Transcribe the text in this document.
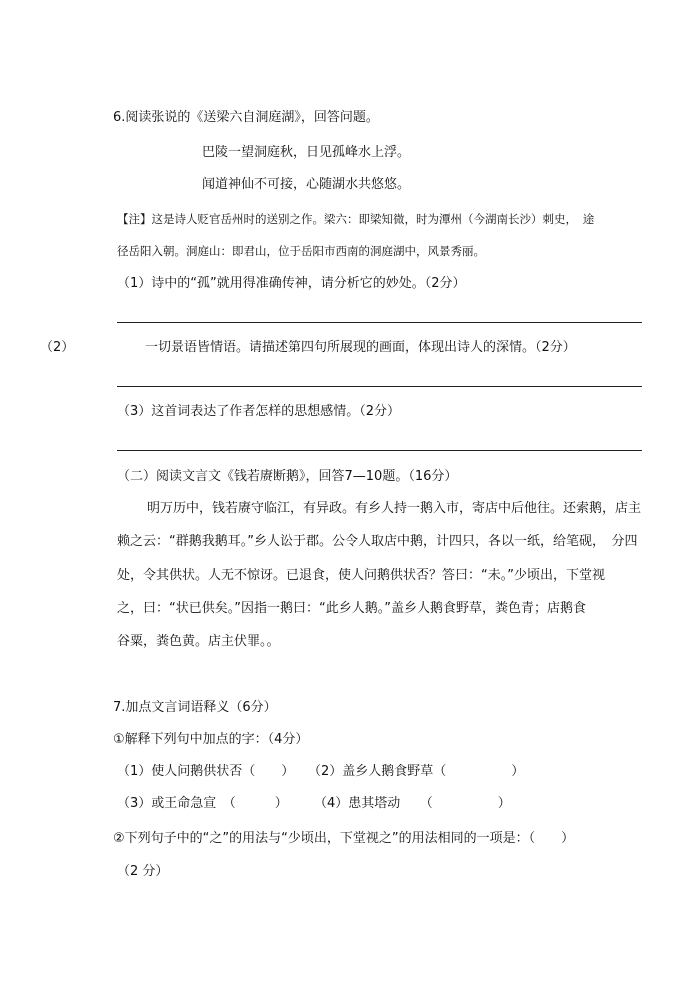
6.阅读张说的《送梁六自洞庭湖》，回答问题。
巴陵一望洞庭秋，日见孤峰水上浮。
闻道神仙不可接，心随湖水共悠悠。
【注】这是诗人贬官岳州时的送别之作。梁六：即梁知微，时为潭州（今湖南长沙）刺史，　途
径岳阳入朝。洞庭山：即君山，位于岳阳市西南的洞庭湖中，风景秀丽。
（1）诗中的“孤”就用得准确传神，请分析它的妙处。（2分）
（2）	一切景语皆情语。请描述第四句所展现的画面，体现出诗人的深情。（2分）
（3）这首词表达了作者怎样的思想感情。（2分）
（二）阅读文言文《钱若赓断鹅》，回答7—10题。（16分）
明万历中，钱若赓守临江，有异政。有乡人持一鹅入市，寄店中后他往。还索鹅，店主
赖之云：“群鹅我鹅耳。”乡人讼于郡。公令人取店中鹅，计四只，各以一纸，给笔砚，　分四
处，令其供状。人无不惊讶。已退食，使人问鹅供状否？答曰：“未。”少顷出，下堂视
之，曰：“状已供矣。”因指一鹅曰：“此乡人鹅。”盖乡人鹅食野草，粪色青；店鹅食
谷粟，粪色黄。店主伏罪。。
7.加点文言词语释义（6分）
①解释下列句中加点的字：（4分）
（1）使人问鹅供状否（　　） （2）盖乡人鹅食野草（　　　　　）
（3）或王命急宣　（　　　） （4）患其塔动　　（　　　　　）
②下列句子中的“之”的用法与“少顷出，下堂视之”的用法相同的一项是：（　　）
（2 分）
